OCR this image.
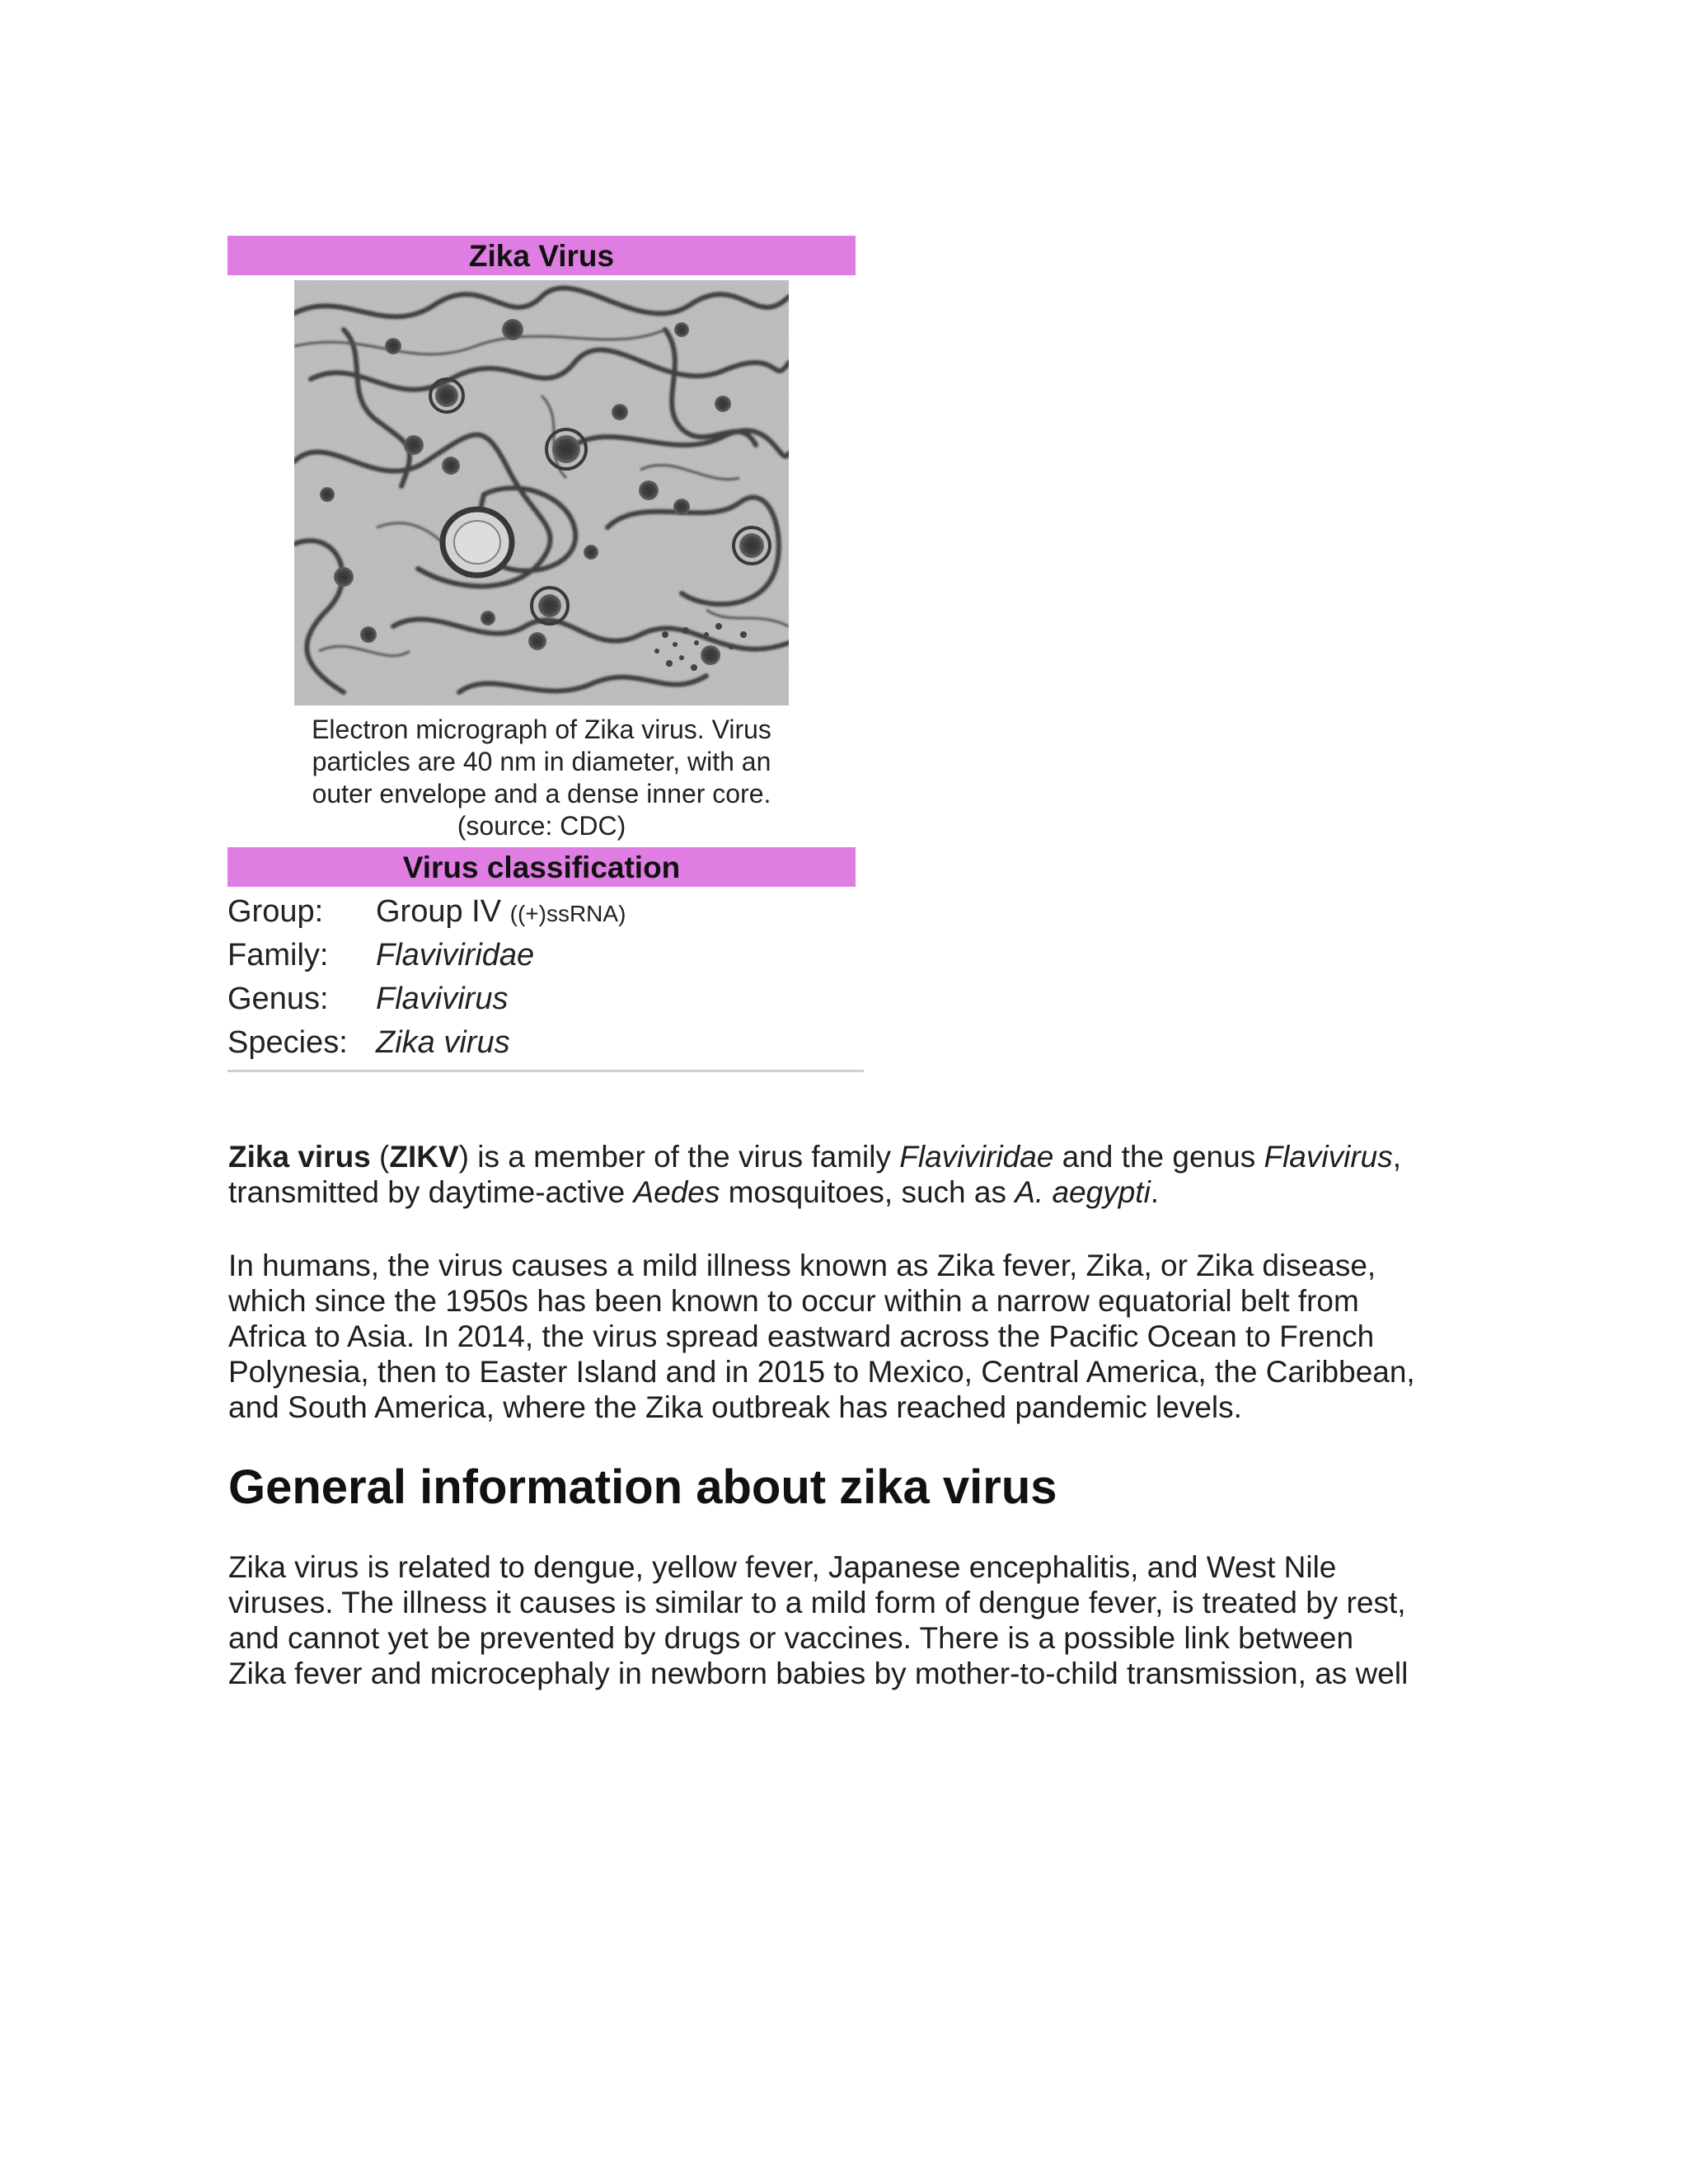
Zika Virus
Electron micrograph of Zika virus. Virus
particles are 40 nm in diameter, with an
outer envelope and a dense inner core.
(source: CDC)
Virus classification
Group:	Group IV ((+)ssRNA)
Family:	Flaviviridae
Genus:	Flavivirus
Species: Zika virus

Zika virus (ZIKV) is a member of the virus family Flaviviridae and the genus Flavivirus,
transmitted by daytime-active Aedes mosquitoes, such as A. aegypti.

In humans, the virus causes a mild illness known as Zika fever, Zika, or Zika disease,
which since the 1950s has been known to occur within a narrow equatorial belt from
Africa to Asia. In 2014, the virus spread eastward across the Pacific Ocean to French
Polynesia, then to Easter Island and in 2015 to Mexico, Central America, the Caribbean,
and South America, where the Zika outbreak has reached pandemic levels.

General information about zika virus

Zika virus is related to dengue, yellow fever, Japanese encephalitis, and West Nile
viruses. The illness it causes is similar to a mild form of dengue fever, is treated by rest,
and cannot yet be prevented by drugs or vaccines. There is a possible link between
Zika fever and microcephaly in newborn babies by mother-to-child transmission, as well
